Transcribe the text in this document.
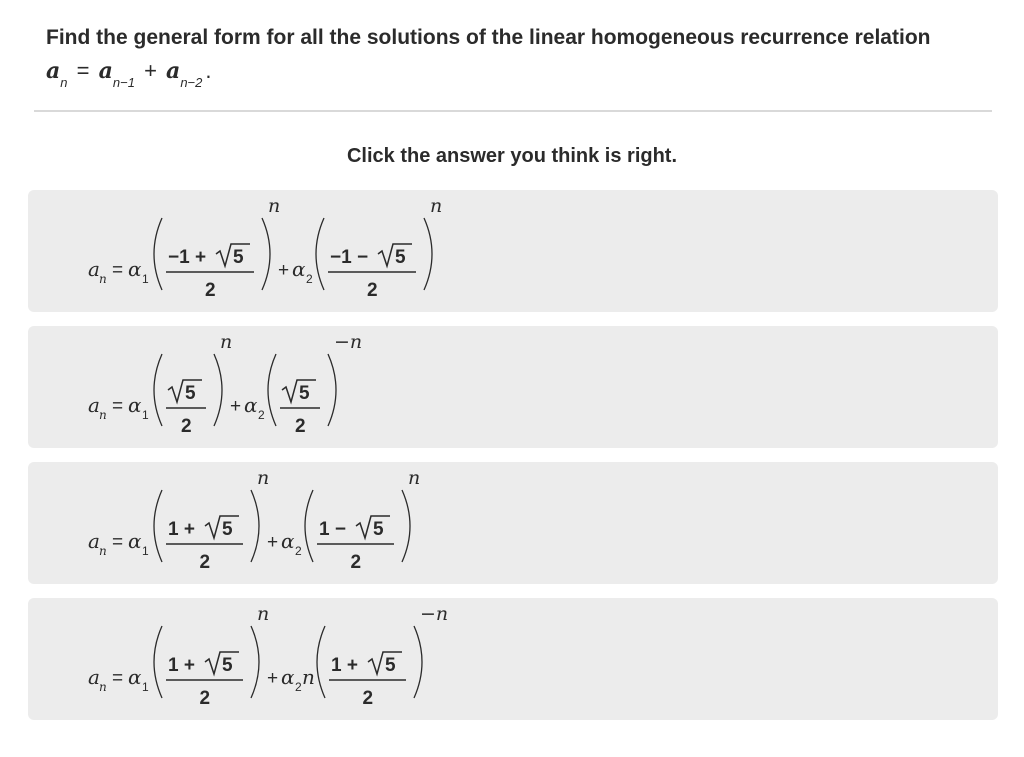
Find the general form for all the solutions of the linear homogeneous recurrence relation

$a_n = a_{n-1} + a_{n-2}$ .
Click the answer you think is right.
a n = α 1
−1 + 5
2
n
+ α 2
−1 − 5
2
n
a n = α 1
5
2
n
+ α 2
5
2
−n
a n = α 1
1 + 5
2
n
+ α 2
1 − 5
2
n
a n = α 1
1 + 5
2
n
+ α 2 n 1 + 5
2
−n
